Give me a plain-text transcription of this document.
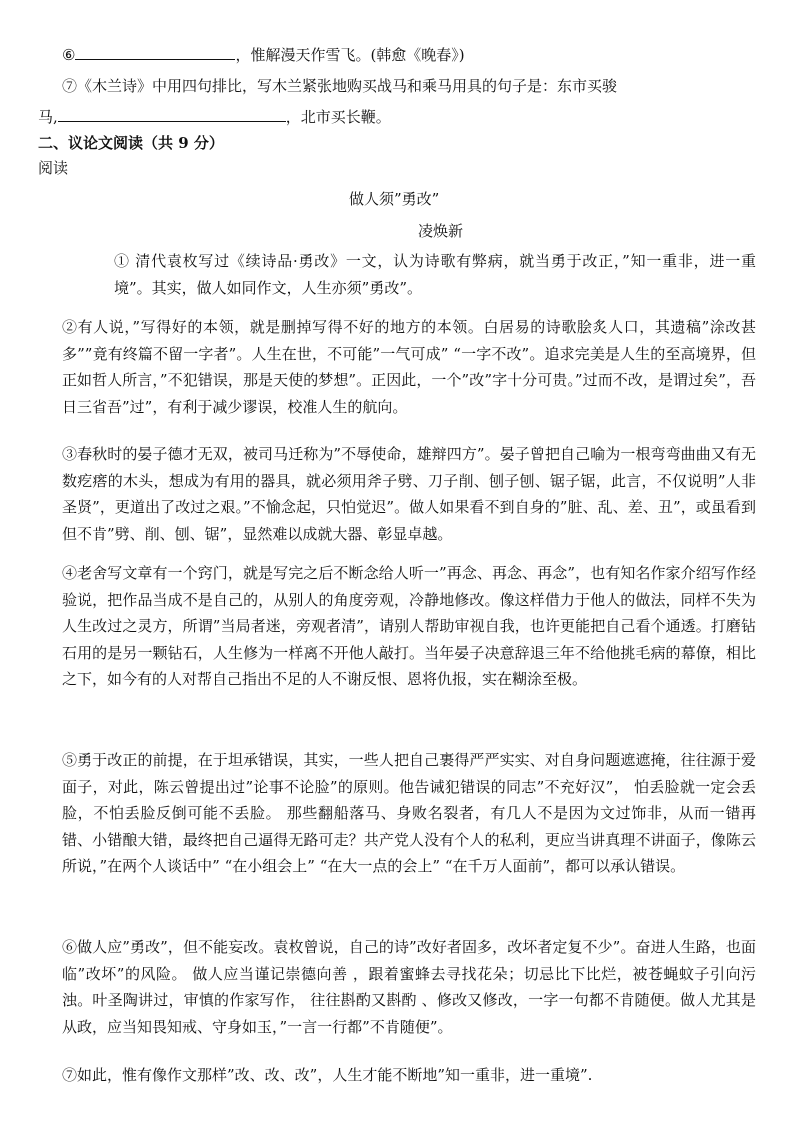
⑥	，惟解漫天作雪飞。(韩愈《晚春》)
⑦《木兰诗》中用四句排比，写木兰紧张地购买战马和乘马用具的句子是：东市买骏
马,	，北市买长鞭。
二、议论文阅读（共 9 分）
阅读
做人须”勇改”
凌焕新
① 清代袁枚写过《续诗品·勇改》一文，认为诗歌有弊病，就当勇于改正，”知一重非，进一重境”。其实，做人如同作文，人生亦须”勇改”。
②有人说，”写得好的本领，就是删掉写得不好的地方的本领。白居易的诗歌脍炙人口，其遗稿”涂改甚多””竟有终篇不留一字者”。人生在世，不可能”一气可成” “一字不改”。追求完美是人生的至高境界，但正如哲人所言，”不犯错误，那是天使的梦想”。正因此，一个”改”字十分可贵。”过而不改，是谓过矣”，吾日三省吾”过”，有利于减少谬误，校准人生的航向。
③春秋时的晏子德才无双，被司马迁称为”不辱使命，雄辩四方”。晏子曾把自己喻为一根弯弯曲曲又有无数疙瘩的木头，想成为有用的器具，就必须用斧子劈、刀子削、刨子刨、锯子锯，此言，不仅说明”人非圣贤”，更道出了改过之艰。”不愉念起，只怕觉迟”。做人如果看不到自身的”脏、乱、差、丑”，或虽看到但不肯”劈、削、刨、锯”，显然难以成就大器、彰显卓越。
④老舍写文章有一个窍门，就是写完之后不断念给人听一”再念、再念、再念”，也有知名作家介绍写作经验说，把作品当成不是自己的，从别人的角度旁观，冷静地修改。像这样借力于他人的做法，同样不失为人生改过之灵方，所谓”当局者迷，旁观者清”，请别人帮助审视自我，也许更能把自己看个通透。打磨钻石用的是另一颗钻石，人生修为一样离不开他人敲打。当年晏子决意辞退三年不给他挑毛病的幕僚，相比之下，如今有的人对帮自己指出不足的人不谢反恨、恩将仇报，实在糊涂至极。
⑤勇于改正的前提，在于坦承错误，其实，一些人把自己裹得严严实实、对自身问题遮遮掩，往往源于爱面子，对此，陈云曾提出过”论事不论脸”的原则。他告诫犯错误的同志”不充好汉”， 怕丢脸就一定会丢脸，不怕丢脸反倒可能不丢脸。 那些翻船落马、身败名裂者，有几人不是因为文过饰非，从而一错再错、小错酿大错，最终把自己逼得无路可走？共产党人没有个人的私利，更应当讲真理不讲面子，像陈云所说，”在两个人谈话中” “在小组会上” “在大一点的会上” “在千万人面前”，都可以承认错误。
⑥做人应”勇改”，但不能妄改。袁枚曾说，自己的诗”改好者固多，改坏者定复不少”。奋进人生路，也面临”改坏”的风险。 做人应当谨记崇德向善 ，跟着蜜蜂去寻找花朵；切忌比下比烂，被苍蝇蚊子引向污浊。叶圣陶讲过，审慎的作家写作， 往往斟酌又斟酌 、修改又修改，一字一句都不肯随便。做人尤其是从政，应当知畏知戒、守身如玉，”一言一行都”不肯随便”。
⑦如此，惟有像作文那样”改、改、改”，人生才能不断地”知一重非，进一重境”.
